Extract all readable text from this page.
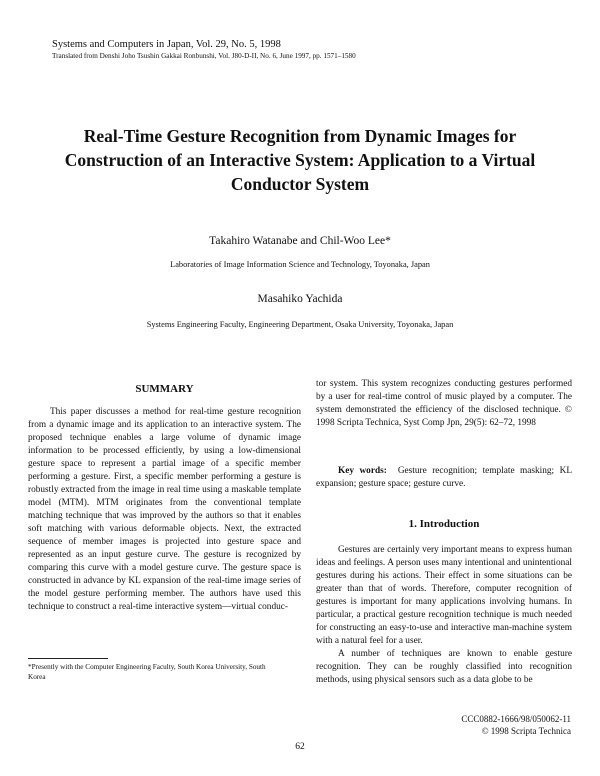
Systems and Computers in Japan, Vol. 29, No. 5, 1998
Translated from Denshi Joho Tsushin Gakkai Ronbunshi, Vol. J80-D-II, No. 6, June 1997, pp. 1571–1580
Real-Time Gesture Recognition from Dynamic Images for
Construction of an Interactive System: Application to a Virtual
Conductor System
Takahiro Watanabe and Chil-Woo Lee*
Laboratories of Image Information Science and Technology, Toyonaka, Japan
Masahiko Yachida
Systems Engineering Faculty, Engineering Department, Osaka University, Toyonaka, Japan
SUMMARY

This paper discusses a method for real-time gesture recognition from a dynamic image and its application to an interactive system. The proposed technique enables a large volume of dynamic image information to be processed efficiently, by using a low-dimensional gesture space to represent a partial image of a specific member performing a gesture. First, a specific member performing a gesture is robustly extracted from the image in real time using a maskable template model (MTM). MTM originates from the conventional template matching technique that was improved by the authors so that it enables soft matching with various deformable objects. Next, the extracted sequence of member images is projected into gesture space and represented as an input gesture curve. The gesture is recognized by comparing this curve with a model gesture curve. The gesture space is constructed in advance by KL expansion of the real-time image series of the model gesture performing member. The authors have used this technique to construct a real-time interactive system—virtual conduc-

tor system. This system recognizes conducting gestures performed by a user for real-time control of music played by a computer. The system demonstrated the efficiency of the disclosed technique. © 1998 Scripta Technica, Syst Comp Jpn, 29(5): 62–72, 1998

Key words: Gesture recognition; template masking; KL expansion; gesture space; gesture curve.

1. Introduction

Gestures are certainly very important means to express human ideas and feelings. A person uses many intentional and unintentional gestures during his actions. Their effect in some situations can be greater than that of words. Therefore, computer recognition of gestures is important for many applications involving humans. In particular, a practical gesture recognition technique is much needed for constructing an easy-to-use and interactive man-machine system with a natural feel for a user.

A number of techniques are known to enable gesture recognition. They can be roughly classified into recognition methods, using physical sensors such as a data globe to be

*Presently with the Computer Engineering Faculty, South Korea University, South Korea
CCC0882-1666/98/050062-11
© 1998 Scripta Technica
62
